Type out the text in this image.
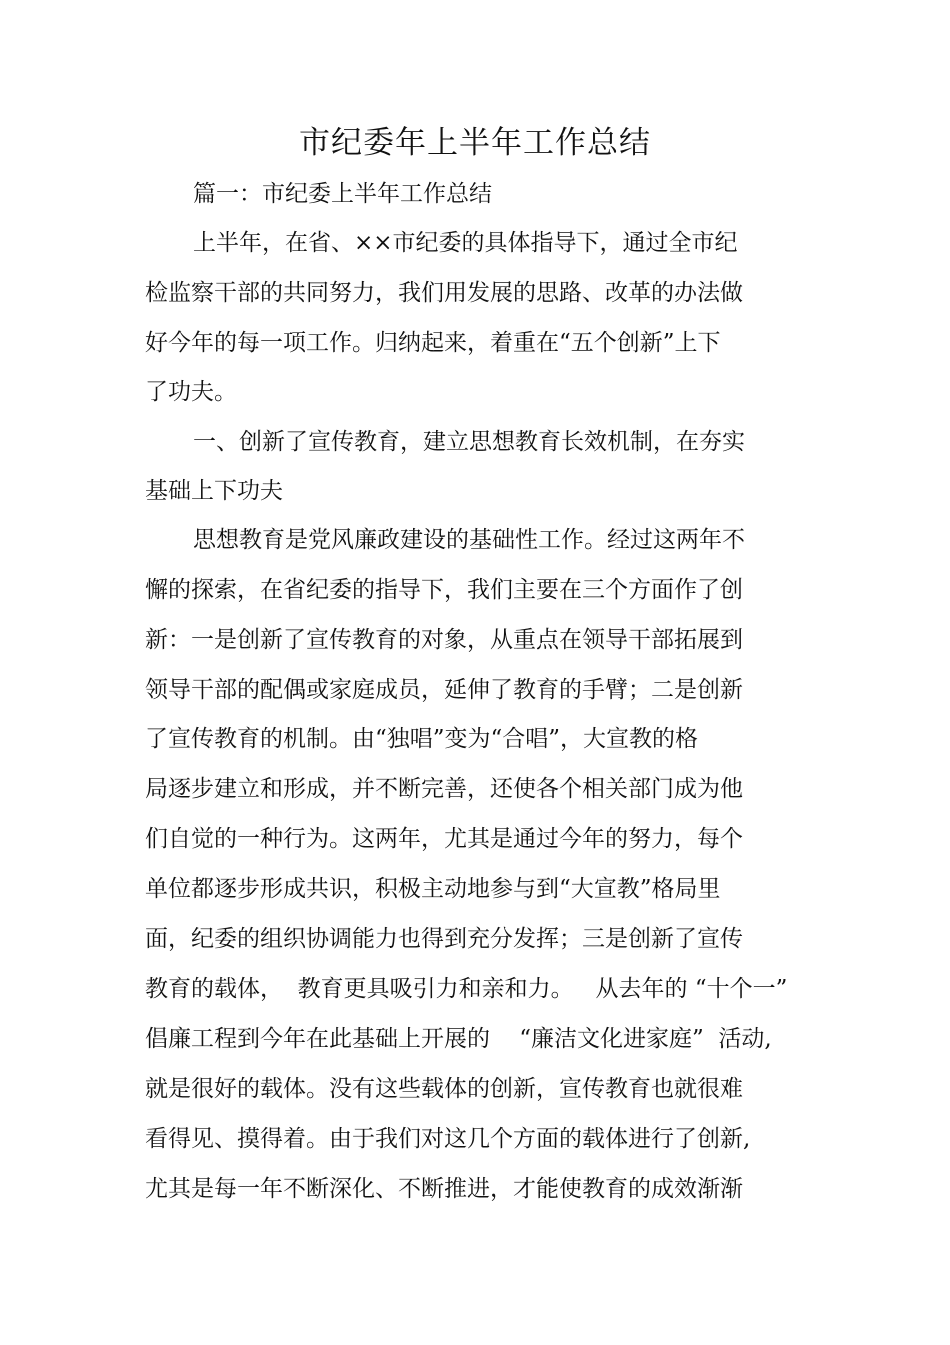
市纪委年上半年工作总结
篇一：市纪委上半年工作总结
上半年，在省、××市纪委的具体指导下，通过全市纪
检监察干部的共同努力，我们用发展的思路、改革的办法做
好今年的每一项工作。归纳起来，着重在“五个创新”上下
了功夫。
一、创新了宣传教育，建立思想教育长效机制，在夯实
基础上下功夫
思想教育是党风廉政建设的基础性工作。经过这两年不
懈的探索，在省纪委的指导下，我们主要在三个方面作了创
新：一是创新了宣传教育的对象，从重点在领导干部拓展到
领导干部的配偶或家庭成员，延伸了教育的手臂；二是创新
了宣传教育的机制。由“独唱”变为“合唱”，大宣教的格
局逐步建立和形成，并不断完善，还使各个相关部门成为他
们自觉的一种行为。这两年，尤其是通过今年的努力，每个
单位都逐步形成共识，积极主动地参与到“大宣教”格局里
面，纪委的组织协调能力也得到充分发挥；三是创新了宣传
教育的载体，  教育更具吸引力和亲和力。   从去年的 “十个一”
倡廉工程到今年在此基础上开展的    “廉洁文化进家庭”  活动,
就是很好的载体。没有这些载体的创新，宣传教育也就很难
看得见、摸得着。由于我们对这几个方面的载体进行了创新,
尤其是每一年不断深化、不断推进，才能使教育的成效渐渐
